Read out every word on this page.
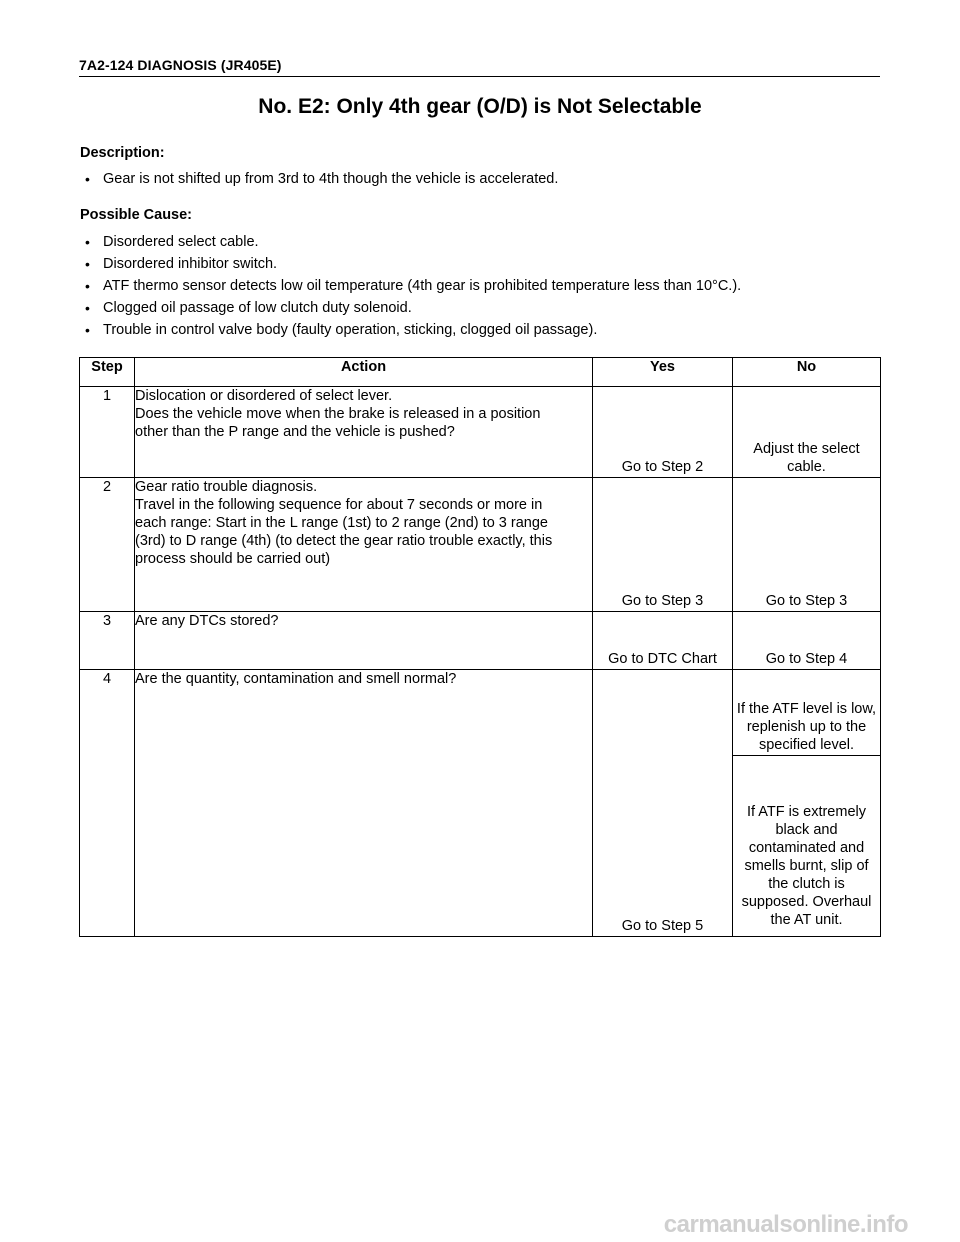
7A2-124 DIAGNOSIS (JR405E)
No. E2: Only 4th gear (O/D) is Not Selectable
Description:
• Gear is not shifted up from 3rd to 4th though the vehicle is accelerated.
Possible Cause:
• Disordered select cable.
• Disordered inhibitor switch.
• ATF thermo sensor detects low oil temperature (4th gear is prohibited temperature less than 10°C.).
• Clogged oil passage of low clutch duty solenoid.
• Trouble in control valve body (faulty operation, sticking, clogged oil passage).
Step	Action	Yes	No
1	Dislocation or disordered of select lever.
Does the vehicle move when the brake is released in a position
other than the P range and the vehicle is pushed?	Go to Step 2	Adjust the select cable.
2	Gear ratio trouble diagnosis.
Travel in the following sequence for about 7 seconds or more in
each range: Start in the L range (1st) to 2 range (2nd) to 3 range
(3rd) to D range (4th) (to detect the gear ratio trouble exactly, this
process should be carried out)	Go to Step 3	Go to Step 3
3	Are any DTCs stored?	Go to DTC Chart	Go to Step 4
4	Are the quantity, contamination and smell normal?	Go to Step 5	If the ATF level is low, replenish up to the specified level.
If ATF is extremely black and contaminated and smells burnt, slip of the clutch is supposed. Overhaul the AT unit.
carmanualsonline.info
